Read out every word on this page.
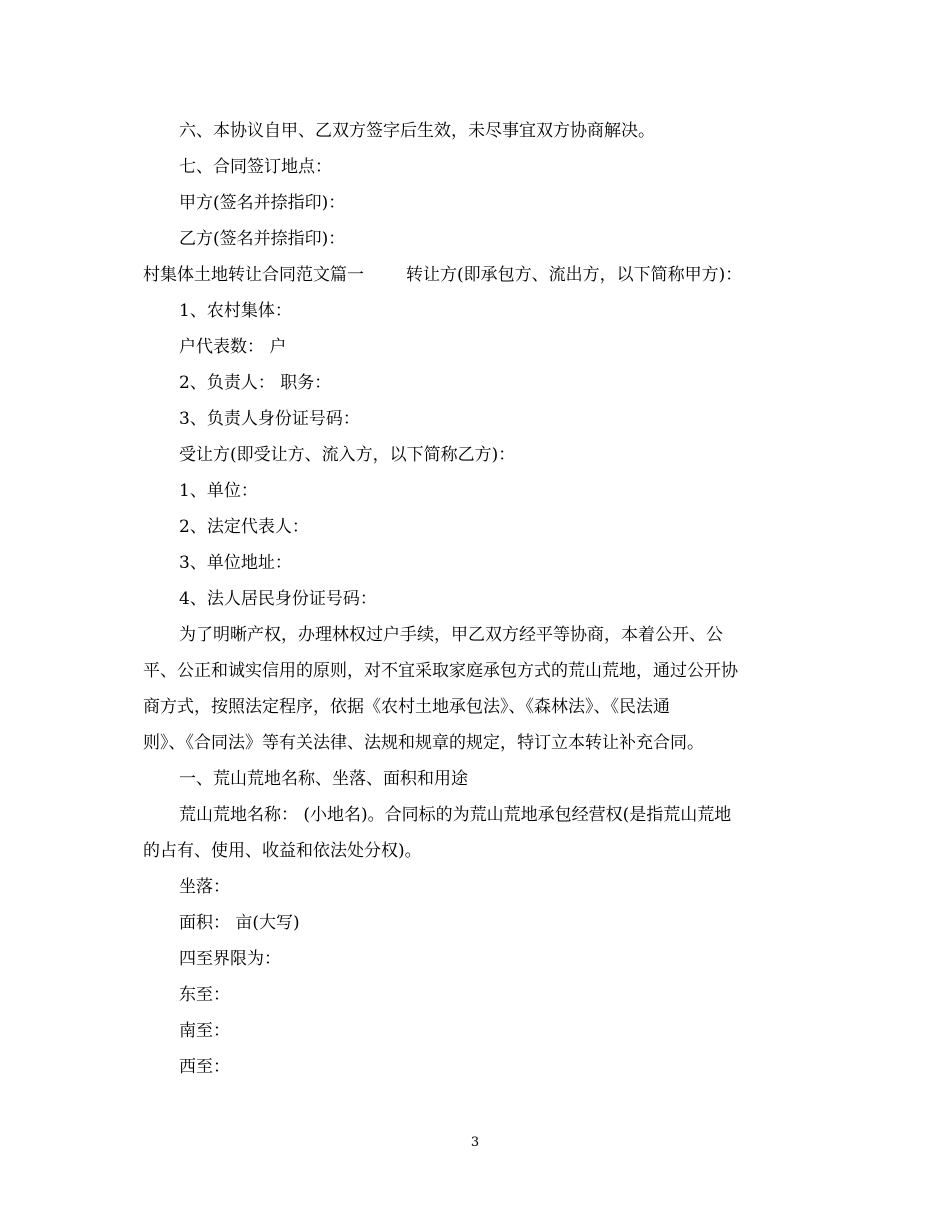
六、本协议自甲、乙双方签字后生效，未尽事宜双方协商解决。
七、合同签订地点：
甲方(签名并捺指印)：
乙方(签名并捺指印)：
村集体土地转让合同范文篇一 转让方(即承包方、流出方，以下简称甲方)：
1、农村集体：
户代表数： 户
2、负责人： 职务：
3、负责人身份证号码：
受让方(即受让方、流入方，以下简称乙方)：
1、单位：
2、法定代表人：
3、单位地址：
4、法人居民身份证号码：
为了明晰产权，办理林权过户手续，甲乙双方经平等协商，本着公开、公
平、公正和诚实信用的原则，对不宜采取家庭承包方式的荒山荒地，通过公开协
商方式，按照法定程序，依据《农村土地承包法》、《森林法》、《民法通
则》、《合同法》等有关法律、法规和规章的规定，特订立本转让补充合同。
一、荒山荒地名称、坐落、面积和用途
荒山荒地名称： (小地名)。合同标的为荒山荒地承包经营权(是指荒山荒地
的占有、使用、收益和依法处分权)。
坐落：
面积： 亩(大写)
四至界限为：
东至：
南至：
西至：
3
